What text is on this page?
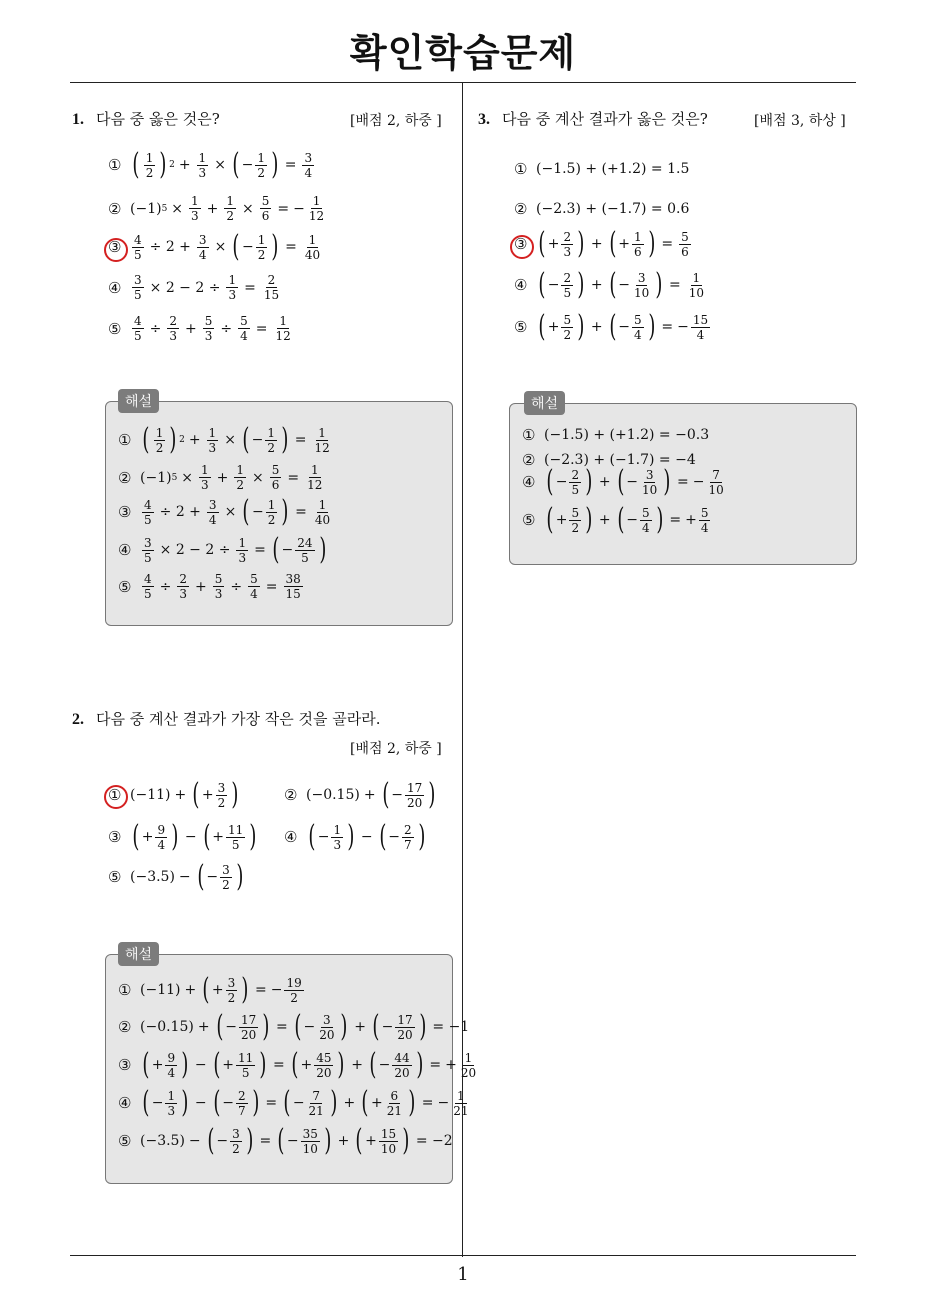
확인학습문제
1. 다음 중 옳은 것은?	[배점 2, 하중 ]
① ( $\frac{1}{2}$ ) $2 + \frac{1}{3}$ × ( − $\frac{1}{2}$ ) = $\frac{3}{4}$
② (−1) $5 \times \frac{1}{3} + \frac{1}{2} \times \frac{5}{6}$ = − $\frac{1}{12}$
③ $\frac{4}{5} \div 2 + \frac{3}{4}$ × ( − $\frac{1}{2}$ ) = $\frac{1}{40}$
④ $\frac{3}{5} \times 2 - 2 \div \frac{1}{3} = \frac{2}{15}$
⑤ $\frac{4}{5} \div \frac{2}{3} + \frac{5}{3} \div \frac{5}{4} = \frac{1}{12}$
해설
① ( $\frac{1}{2}$ ) $2 + \frac{1}{3}$ × ( − $\frac{1}{2}$ ) = $\frac{1}{12}$
② (−1) $5 \times \frac{1}{3} + \frac{1}{2} \times \frac{5}{6} = \frac{1}{12}$
③ $\frac{4}{5} \div 2 + \frac{3}{4}$ × ( − $\frac{1}{2}$ ) = $\frac{1}{40}$
④ $\frac{3}{5} \times 2 - 2 \div \frac{1}{3}$ = ( − $\frac{24}{5}$ )
⑤ $\frac{4}{5} \div \frac{2}{3} + \frac{5}{3} \div \frac{5}{4} = \frac{38}{15}$
2. 다음 중 계산 결과가 가장 작은 것을 골라라.
[배점 2, 하중 ]
① (−11) + ( + $\frac{3}{2}$ )	② (−0.15) + ( − $\frac{17}{20}$ )
③ ( + $\frac{9}{4}$ ) − ( + $\frac{11}{5}$ ) ④ ( − $\frac{1}{3}$ ) − ( − $\frac{2}{7}$ )
⑤ (−3.5) − ( − $\frac{3}{2}$ )
해설
① (−11) + ( + $\frac{3}{2}$ ) = − $\frac{19}{2}$
② (−0.15) + ( − $\frac{17}{20}$ ) = ( − $\frac{3}{20}$ ) + ( − $\frac{17}{20}$ ) = −1
③ ( + $\frac{9}{4}$ ) − ( + $\frac{11}{5}$ ) = ( + $\frac{45}{20}$ ) + ( − $\frac{44}{20}$ ) = + $\frac{1}{20}$
④ ( − $\frac{1}{3}$ ) − ( − $\frac{2}{7}$ ) = ( − $\frac{7}{21}$ ) + ( + $\frac{6}{21}$ ) = − $\frac{1}{21}$
⑤ (−3.5) − ( − $\frac{3}{2}$ ) = ( − $\frac{35}{10}$ ) + ( + $\frac{15}{10}$ ) = −2
3. 다음 중 계산 결과가 옳은 것은?	[배점 3, 하상 ]
① (−1.5) + (+1.2) = 1.5
② (−2.3) + (−1.7) = 0.6
③ ( + $\frac{2}{3}$ ) + ( + $\frac{1}{6}$ ) = $\frac{5}{6}$
④ ( − $\frac{2}{5}$ ) + ( − $\frac{3}{10}$ ) = $\frac{1}{10}$
⑤ ( + $\frac{5}{2}$ ) + ( − $\frac{5}{4}$ ) = − $\frac{15}{4}$
해설
① (−1.5) + (+1.2) = −0.3
② (−2.3) + (−1.7) = −4
④ ( − $\frac{2}{5}$ ) + ( − $\frac{3}{10}$ ) = − $\frac{7}{10}$
⑤ ( + $\frac{5}{2}$ ) + ( − $\frac{5}{4}$ ) = + $\frac{5}{4}$
1
